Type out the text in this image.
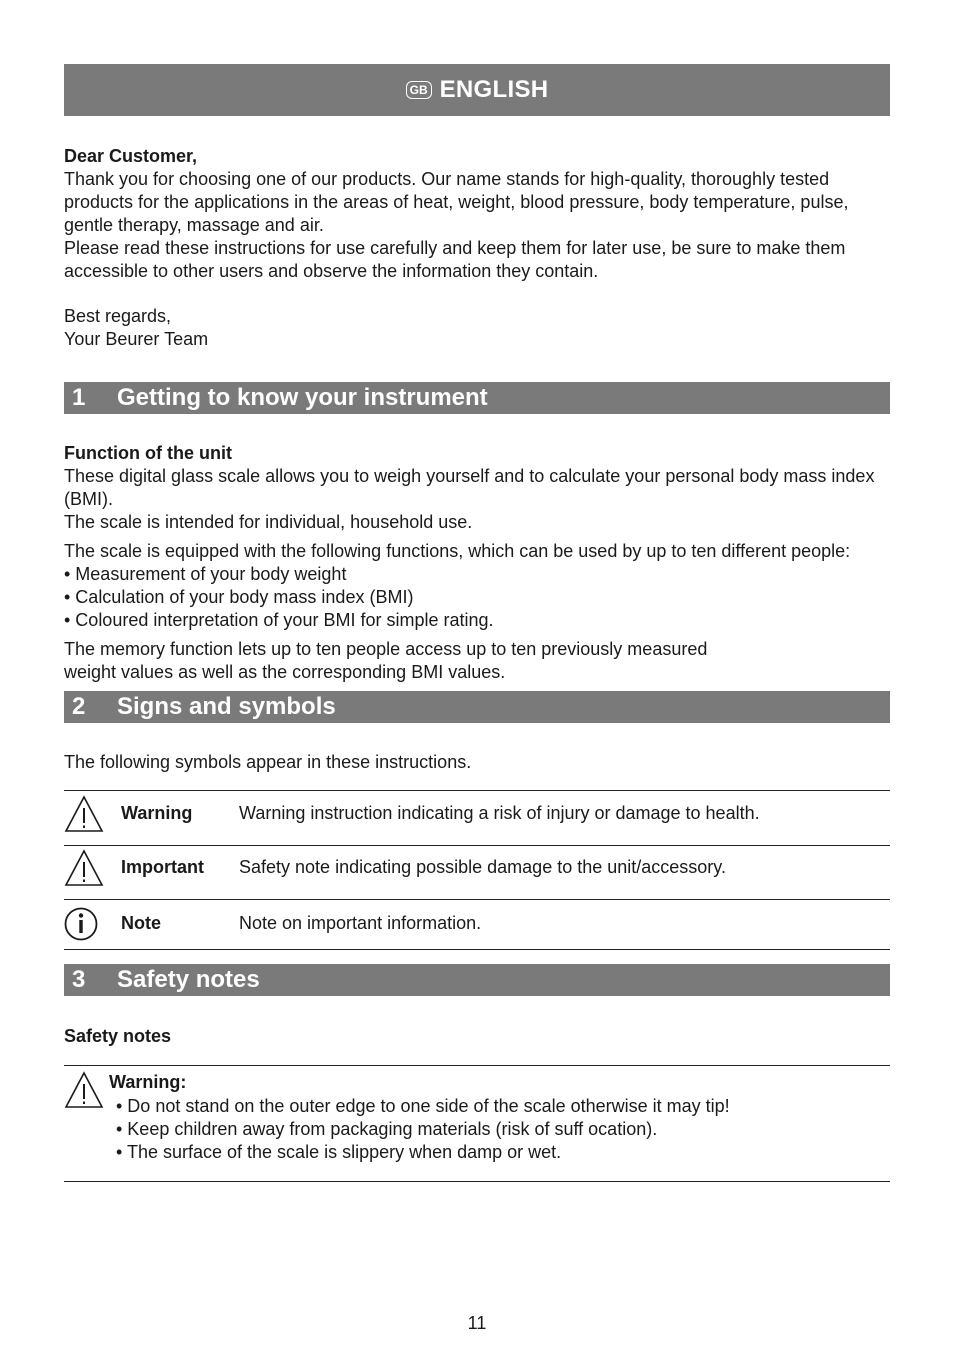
GB ENGLISH

Dear Customer,

Thank you for choosing one of our products. Our name stands for high-quality, thoroughly tested products for the applications in the areas of heat, weight, blood pressure, body temperature, pulse, gentle therapy, massage and air.

Please read these instructions for use carefully and keep them for later use, be sure to make them accessible to other users and observe the information they contain.

Best regards,

Your Beurer Team

1 Getting to know your instrument

Function of the unit

These digital glass scale allows you to weigh yourself and to calculate your personal body mass index (BMI).

The scale is intended for individual, household use.

The scale is equipped with the following functions, which can be used by up to ten different people:

• Measurement of your body weight

• Calculation of your body mass index (BMI)

• Coloured interpretation of your BMI for simple rating.

The memory function lets up to ten people access up to ten previously measured

weight values as well as the corresponding BMI values.

2 Signs and symbols
The following symbols appear in these instructions.
Warning	Warning instruction indicating a risk of injury or damage to health.
Important Safety note indicating possible damage to the unit/accessory.
Note	Note on important information.
3 Safety notes
Safety notes
Warning:
• Do not stand on the outer edge to one side of the scale otherwise it may tip!
• Keep children away from packaging materials (risk of suff ocation).
• The surface of the scale is slippery when damp or wet.
11
